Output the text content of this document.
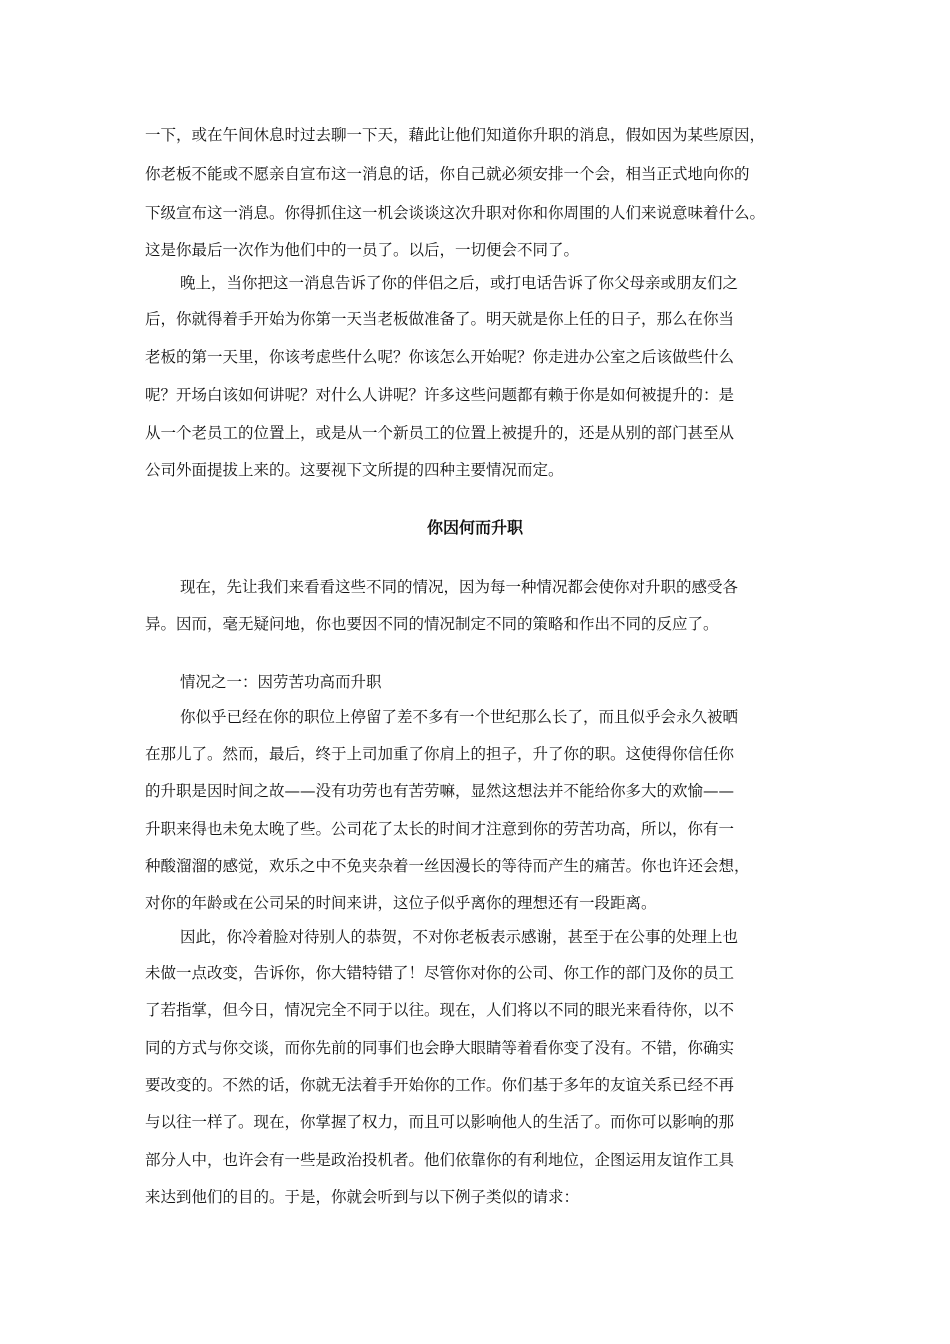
一下，或在午间休息时过去聊一下天，藉此让他们知道你升职的消息，假如因为某些原因，
你老板不能或不愿亲自宣布这一消息的话，你自己就必须安排一个会，相当正式地向你的
下级宣布这一消息。你得抓住这一机会谈谈这次升职对你和你周围的人们来说意味着什么。
这是你最后一次作为他们中的一员了。以后，一切便会不同了。
晚上，当你把这一消息告诉了你的伴侣之后，或打电话告诉了你父母亲或朋友们之
后，你就得着手开始为你第一天当老板做准备了。明天就是你上任的日子，那么在你当
老板的第一天里，你该考虑些什么呢？你该怎么开始呢？你走进办公室之后该做些什么
呢？开场白该如何讲呢？对什么人讲呢？许多这些问题都有赖于你是如何被提升的：是
从一个老员工的位置上，或是从一个新员工的位置上被提升的，还是从别的部门甚至从
公司外面提拔上来的。这要视下文所提的四种主要情况而定。
你因何而升职
现在，先让我们来看看这些不同的情况，因为每一种情况都会使你对升职的感受各
异。因而，毫无疑问地，你也要因不同的情况制定不同的策略和作出不同的反应了。
情况之一：因劳苦功高而升职
你似乎已经在你的职位上停留了差不多有一个世纪那么长了，而且似乎会永久被晒
在那儿了。然而，最后，终于上司加重了你肩上的担子，升了你的职。这使得你信任你
的升职是因时间之故——没有功劳也有苦劳嘛，显然这想法并不能给你多大的欢愉——
升职来得也未免太晚了些。公司花了太长的时间才注意到你的劳苦功高，所以，你有一
种酸溜溜的感觉，欢乐之中不免夹杂着一丝因漫长的等待而产生的痛苦。你也许还会想，
对你的年龄或在公司呆的时间来讲，这位子似乎离你的理想还有一段距离。
因此，你冷着脸对待别人的恭贺，不对你老板表示感谢，甚至于在公事的处理上也
未做一点改变，告诉你，你大错特错了！尽管你对你的公司、你工作的部门及你的员工
了若指掌，但今日，情况完全不同于以往。现在，人们将以不同的眼光来看待你，以不
同的方式与你交谈，而你先前的同事们也会睁大眼睛等着看你变了没有。不错，你确实
要改变的。不然的话，你就无法着手开始你的工作。你们基于多年的友谊关系已经不再
与以往一样了。现在，你掌握了权力，而且可以影响他人的生活了。而你可以影响的那
部分人中，也许会有一些是政治投机者。他们依靠你的有利地位，企图运用友谊作工具
来达到他们的目的。于是，你就会听到与以下例子类似的请求：
